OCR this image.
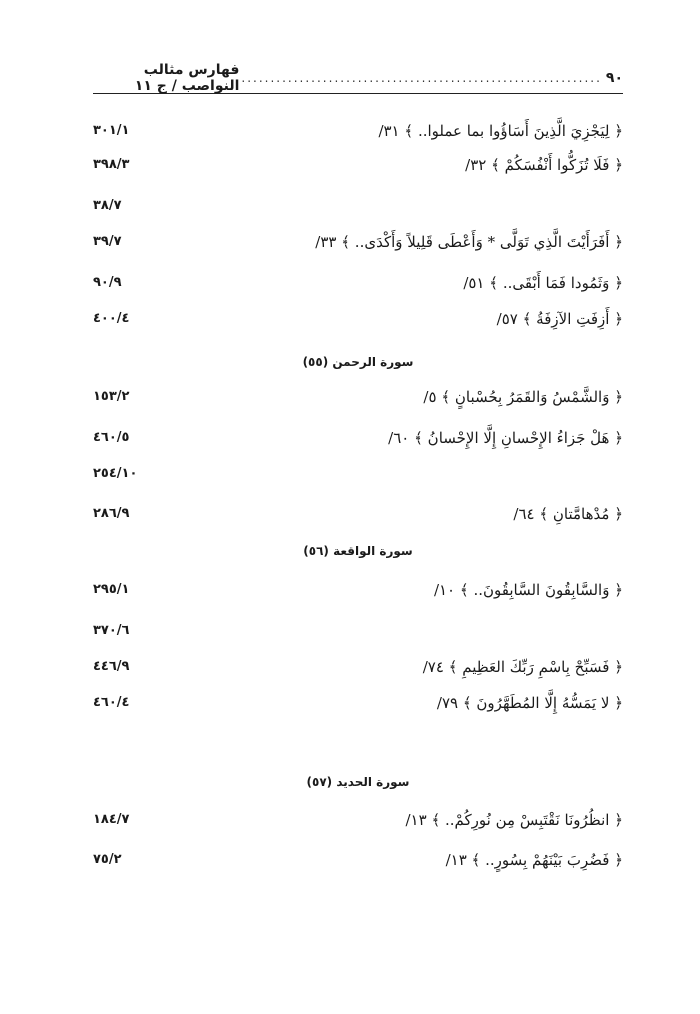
٩٠
..............................................................
فهارس مثالب النواصب / ج ١١
﴿ لِيَجْزِيَ الَّذِينَ أَسَاؤُوا بما عملوا.. ﴾ ٣١/
٣٠١/١
﴿ فَلَا تُزَكُّوا أَنْفُسَكُمْ ﴾ ٣٢/
٣٩٨/٣
٣٨/٧
﴿ أَفَرَأَيْتَ الَّذِي تَوَلَّى * وَأَعْطَى قَلِيلاً وَأَكْدَى.. ﴾ ٣٣/
٣٩/٧
﴿ وَثَمُودا فَمَا أَبْقَى.. ﴾ ٥١/
٩٠/٩
﴿ أَزِفَتِ الآزِفَةُ ﴾ ٥٧/
٤٠٠/٤
سورة الرحمن (٥٥)
﴿ وَالشَّمْسُ وَالقَمَرُ بِحُسْبانٍ ﴾ ٥/
١٥٣/٢
﴿ هَلْ جَزاءُ الإِحْسانِ إِلَّا الإِحْسانُ ﴾ ٦٠/
٤٦٠/٥
٢٥٤/١٠
﴿ مُدْهامَّتانِ ﴾ ٦٤/
٢٨٦/٩
سورة الواقعة (٥٦)
﴿ وَالسَّابِقُونَ السَّابِقُونَ.. ﴾ ١٠/
٢٩٥/١
٣٧٠/٦
﴿ فَسَبِّحْ بِاسْمِ رَبِّكَ العَظِيمِ ﴾ ٧٤/
٤٤٦/٩
﴿ لا يَمَسُّهُ إِلَّا المُطَهَّرُونَ ﴾ ٧٩/
٤٦٠/٤
سورة الحديد (٥٧)
﴿ انظُرُونَا نَقْتَبِسْ مِن نُورِكُمْ.. ﴾ ١٣/
١٨٤/٧
﴿ فَضُرِبَ بَيْنَهُمْ بِسُورٍ.. ﴾ ١٣/
٧٥/٢
